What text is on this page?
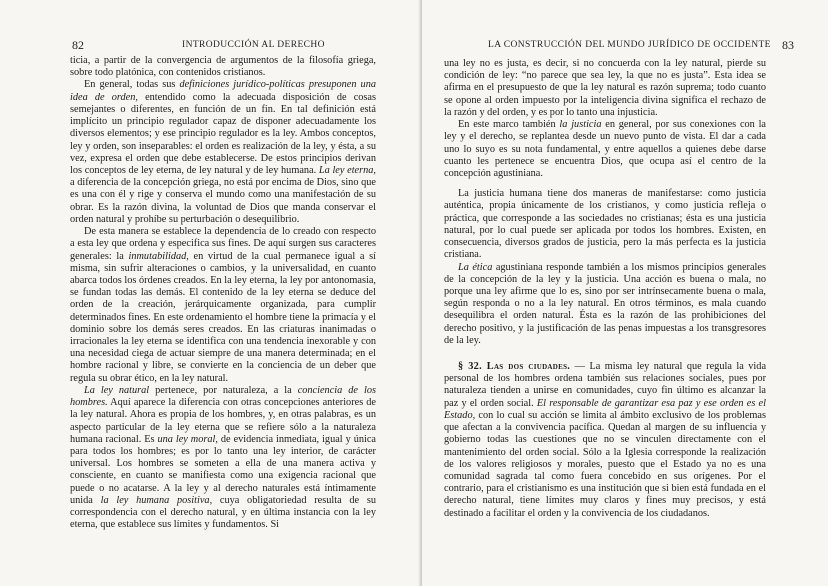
82	INTRODUCCIÓN AL DERECHO

ticia, a partir de la convergencia de argumentos de la filosofía griega, sobre todo platónica, con contenidos cristianos.

En general, todas sus definiciones jurídico-políticas presuponen una idea de orden, entendido como la adecuada disposición de cosas semejantes o diferentes, en función de un fin. En tal definición está implícito un principio regulador capaz de disponer adecuadamente los diversos elementos; y ese principio regulador es la ley. Ambos conceptos, ley y orden, son inseparables: el orden es realización de la ley, y ésta, a su vez, expresa el orden que debe establecerse. De estos principios derivan los conceptos de ley eterna, de ley natural y de ley humana. La ley eterna, a diferencia de la concepción griega, no está por encima de Dios, sino que es una con él y rige y conserva el mundo como una manifestación de su obrar. Es la razón divina, la voluntad de Dios que manda conservar el orden natural y prohíbe su perturbación o desequilibrio.

De esta manera se establece la dependencia de lo creado con respecto a esta ley que ordena y especifica sus fines. De aquí surgen sus caracteres generales: la inmutabilidad, en virtud de la cual permanece igual a sí misma, sin sufrir alteraciones o cambios, y la universalidad, en cuanto abarca todos los órdenes creados. En la ley eterna, la ley por antonomasia, se fundan todas las demás. El contenido de la ley eterna se deduce del orden de la creación, jerárquicamente organizada, para cumplir determinados fines. En este ordenamiento el hombre tiene la primacía y el dominio sobre los demás seres creados. En las criaturas inanimadas o irracionales la ley eterna se identifica con una tendencia inexorable y con una necesidad ciega de actuar siempre de una manera determinada; en el hombre racional y libre, se convierte en la conciencia de un deber que regula su obrar ético, en la ley natural.

La ley natural pertenece, por naturaleza, a la conciencia de los hombres. Aquí aparece la diferencia con otras concepciones anteriores de la ley natural. Ahora es propia de los hombres, y, en otras palabras, es un aspecto particular de la ley eterna que se refiere sólo a la naturaleza humana racional. Es una ley moral, de evidencia inmediata, igual y única para todos los hombres; es por lo tanto una ley interior, de carácter universal. Los hombres se someten a ella de una manera activa y consciente, en cuanto se manifiesta como una exigencia racional que puede o no acatarse. A la ley y al derecho naturales está íntimamente unida la ley humana positiva, cuya obligatoriedad resulta de su correspondencia con el derecho natural, y en última instancia con la ley eterna, que establece sus límites y fundamentos. Si

LA CONSTRUCCIÓN DEL MUNDO JURÍDICO DE OCCIDENTE 83

una ley no es justa, es decir, si no concuerda con la ley natural, pierde su condición de ley: “no parece que sea ley, la que no es justa”. Esta idea se afirma en el presupuesto de que la ley natural es razón suprema; todo cuanto se opone al orden impuesto por la inteligencia divina significa el rechazo de la razón y del orden, y es por lo tanto una injusticia.

En este marco también la justicia en general, por sus conexiones con la ley y el derecho, se replantea desde un nuevo punto de vista. El dar a cada uno lo suyo es su nota fundamental, y entre aquellos a quienes debe darse cuanto les pertenece se encuentra Dios, que ocupa así el centro de la concepción agustiniana.

La justicia humana tiene dos maneras de manifestarse: como justicia auténtica, propia únicamente de los cristianos, y como justicia refleja o práctica, que corresponde a las sociedades no cristianas; ésta es una justicia natural, por lo cual puede ser aplicada por todos los hombres. Existen, en consecuencia, diversos grados de justicia, pero la más perfecta es la justicia cristiana.

La ética agustiniana responde también a los mismos principios generales de la concepción de la ley y la justicia. Una acción es buena o mala, no porque una ley afirme que lo es, sino por ser intrínsecamente buena o mala, según responda o no a la ley natural. En otros términos, es mala cuando desequilibra el orden natural. Ésta es la razón de las prohibiciones del derecho positivo, y la justificación de las penas impuestas a los transgresores de la ley.

§ 32. Las dos ciudades. — La misma ley natural que regula la vida personal de los hombres ordena también sus relaciones sociales, pues por naturaleza tienden a unirse en comunidades, cuyo fin último es alcanzar la paz y el orden social. El responsable de garantizar esa paz y ese orden es el Estado, con lo cual su acción se limita al ámbito exclusivo de los problemas que afectan a la convivencia pacífica. Quedan al margen de su influencia y gobierno todas las cuestiones que no se vinculen directamente con el mantenimiento del orden social. Sólo a la Iglesia corresponde la realización de los valores religiosos y morales, puesto que el Estado ya no es una comunidad sagrada tal como fuera concebido en sus orígenes. Por el contrario, para el cristianismo es una institución que si bien está fundada en el derecho natural, tiene límites muy claros y fines muy precisos, y está destinado a facilitar el orden y la convivencia de los ciudadanos.
